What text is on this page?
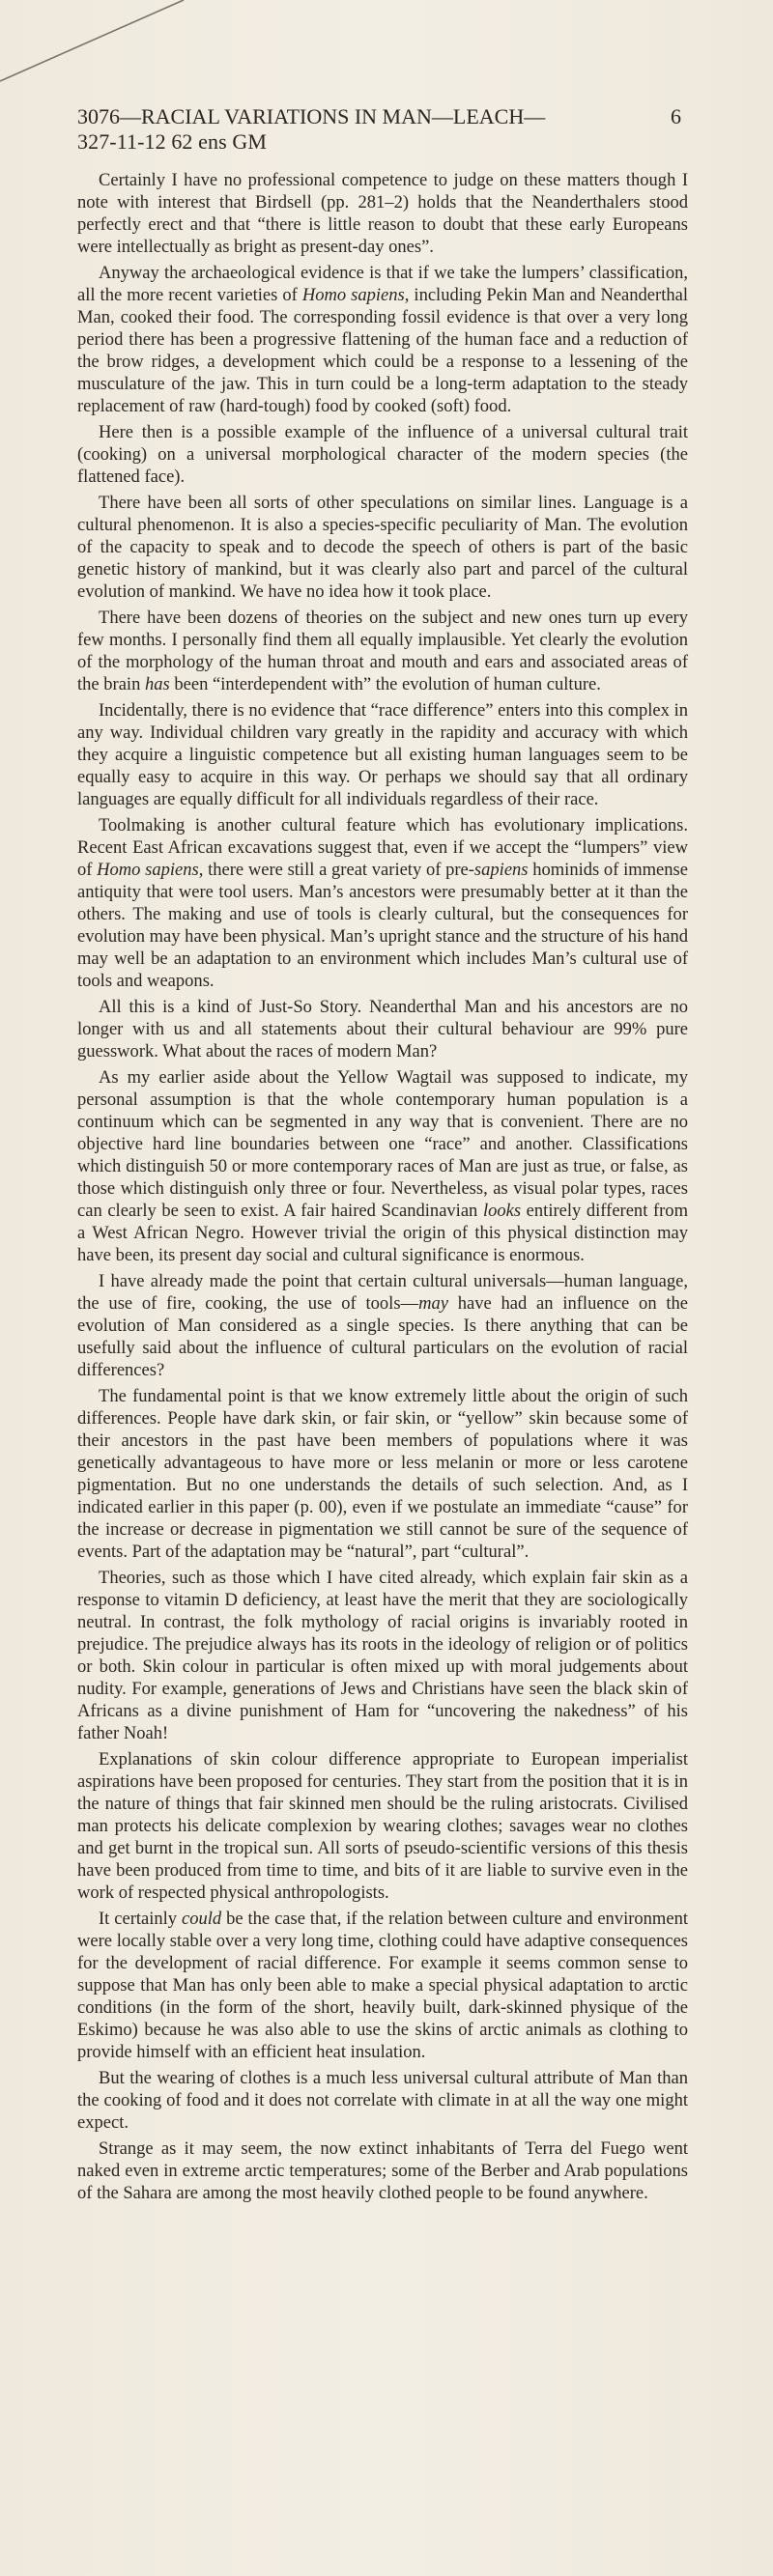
3076—RACIAL VARIATIONS IN MAN—LEACH—	6
327-11-12 62 ens GM

Certainly I have no professional competence to judge on these matters though I note with interest that Birdsell (pp. 281–2) holds that the Neanderthalers stood perfectly erect and that “there is little reason to doubt that these early Europeans were intellectually as bright as present-day ones”.

Anyway the archaeological evidence is that if we take the lumpers’ classification, all the more recent varieties of Homo sapiens, including Pekin Man and Neanderthal Man, cooked their food. The corresponding fossil evidence is that over a very long period there has been a progressive flattening of the human face and a reduction of the brow ridges, a development which could be a response to a lessening of the musculature of the jaw. This in turn could be a long-term adaptation to the steady replacement of raw (hard-tough) food by cooked (soft) food.

Here then is a possible example of the influence of a universal cultural trait (cooking) on a universal morphological character of the modern species (the flattened face).

There have been all sorts of other speculations on similar lines. Language is a cultural phenomenon. It is also a species-specific peculiarity of Man. The evolution of the capacity to speak and to decode the speech of others is part of the basic genetic history of mankind, but it was clearly also part and parcel of the cultural evolution of mankind. We have no idea how it took place.

There have been dozens of theories on the subject and new ones turn up every few months. I personally find them all equally implausible. Yet clearly the evolution of the morphology of the human throat and mouth and ears and associated areas of the brain has been “interdependent with” the evolution of human culture.

Incidentally, there is no evidence that “race difference” enters into this complex in any way. Individual children vary greatly in the rapidity and accuracy with which they acquire a linguistic competence but all existing human languages seem to be equally easy to acquire in this way. Or perhaps we should say that all ordinary languages are equally difficult for all individuals regardless of their race.

Toolmaking is another cultural feature which has evolutionary implications. Recent East African excavations suggest that, even if we accept the “lumpers” view of Homo sapiens, there were still a great variety of pre-sapiens hominids of immense antiquity that were tool users. Man’s ancestors were presumably better at it than the others. The making and use of tools is clearly cultural, but the consequences for evolution may have been physical. Man’s upright stance and the structure of his hand may well be an adaptation to an environment which includes Man’s cultural use of tools and weapons.

All this is a kind of Just-So Story. Neanderthal Man and his ancestors are no longer with us and all statements about their cultural behaviour are 99% pure guesswork. What about the races of modern Man?

As my earlier aside about the Yellow Wagtail was supposed to indicate, my personal assumption is that the whole contemporary human population is a continuum which can be segmented in any way that is convenient. There are no objective hard line boundaries between one “race” and another. Classifications which distinguish 50 or more contemporary races of Man are just as true, or false, as those which distinguish only three or four. Nevertheless, as visual polar types, races can clearly be seen to exist. A fair haired Scandinavian looks entirely different from a West African Negro. However trivial the origin of this physical distinction may have been, its present day social and cultural significance is enormous.

I have already made the point that certain cultural universals—human language, the use of fire, cooking, the use of tools—may have had an influence on the evolution of Man considered as a single species. Is there anything that can be usefully said about the influence of cultural particulars on the evolution of racial differences?

The fundamental point is that we know extremely little about the origin of such differences. People have dark skin, or fair skin, or “yellow” skin because some of their ancestors in the past have been members of populations where it was genetically advantageous to have more or less melanin or more or less carotene pigmentation. But no one understands the details of such selection. And, as I indicated earlier in this paper (p. 00), even if we postulate an immediate “cause” for the increase or decrease in pigmentation we still cannot be sure of the sequence of events. Part of the adaptation may be “natural”, part “cultural”.

Theories, such as those which I have cited already, which explain fair skin as a response to vitamin D deficiency, at least have the merit that they are sociologically neutral. In contrast, the folk mythology of racial origins is invariably rooted in prejudice. The prejudice always has its roots in the ideology of religion or of politics or both. Skin colour in particular is often mixed up with moral judgements about nudity. For example, generations of Jews and Christians have seen the black skin of Africans as a divine punishment of Ham for “uncovering the nakedness” of his father Noah!

Explanations of skin colour difference appropriate to European imperialist aspirations have been proposed for centuries. They start from the position that it is in the nature of things that fair skinned men should be the ruling aristocrats. Civilised man protects his delicate complexion by wearing clothes; savages wear no clothes and get burnt in the tropical sun. All sorts of pseudo-scientific versions of this thesis have been produced from time to time, and bits of it are liable to survive even in the work of respected physical anthropologists.

It certainly could be the case that, if the relation between culture and environment were locally stable over a very long time, clothing could have adaptive consequences for the development of racial difference. For example it seems common sense to suppose that Man has only been able to make a special physical adaptation to arctic conditions (in the form of the short, heavily built, dark-skinned physique of the Eskimo) because he was also able to use the skins of arctic animals as clothing to provide himself with an efficient heat insulation.

But the wearing of clothes is a much less universal cultural attribute of Man than the cooking of food and it does not correlate with climate in at all the way one might expect.

Strange as it may seem, the now extinct inhabitants of Terra del Fuego went naked even in extreme arctic temperatures; some of the Berber and Arab populations of the Sahara are among the most heavily clothed people to be found anywhere.
